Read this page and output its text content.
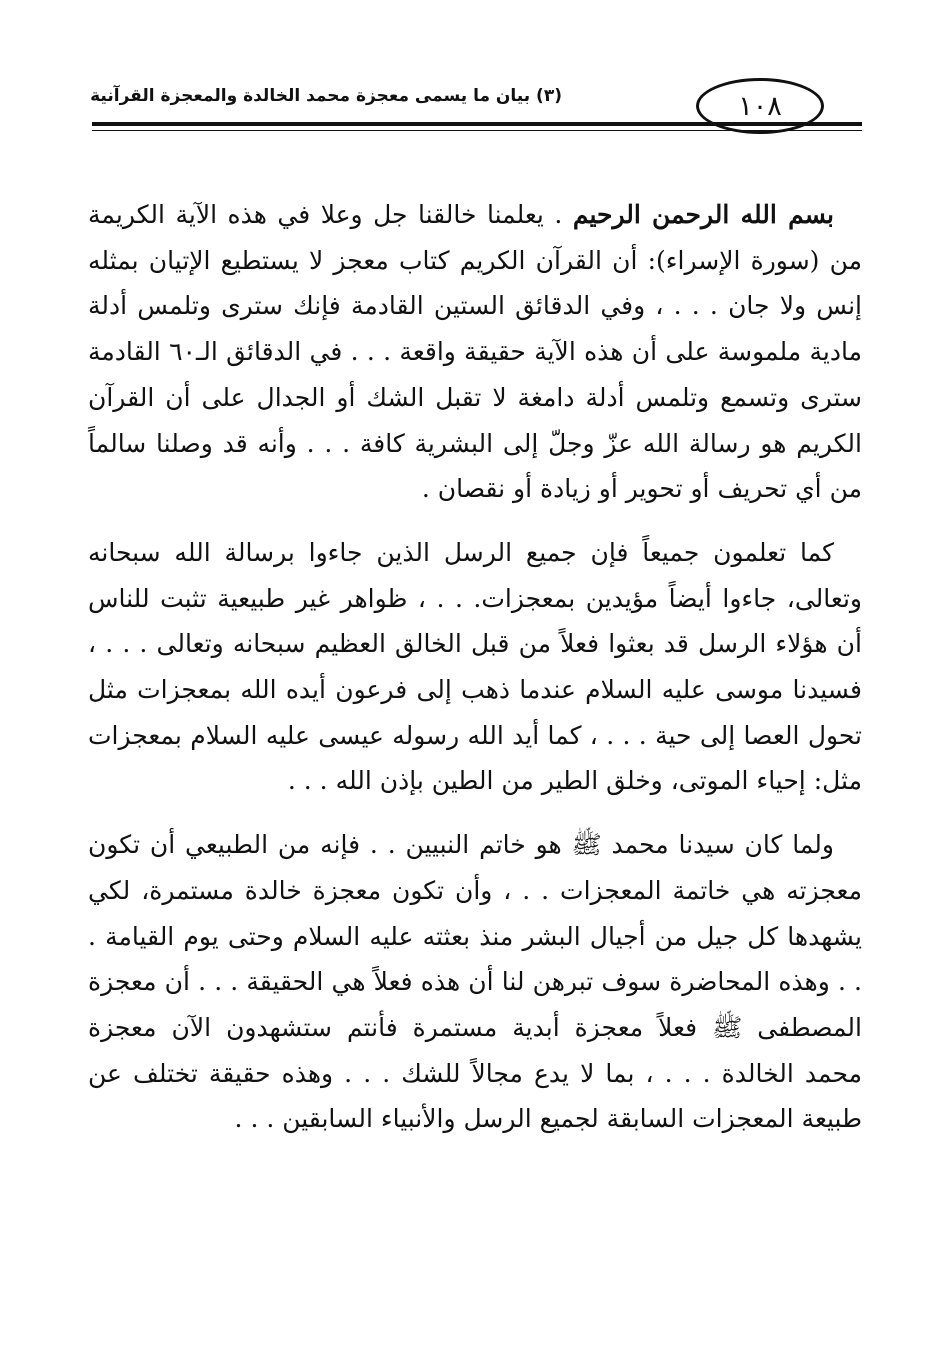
١٠٨
(٣) بيان ما يسمى معجزة محمد الخالدة والمعجزة القرآنية

بسم الله الرحمن الرحيم . يعلمنا خالقنا جل وعلا في هذه الآية الكريمة من (سورة الإسراء): أن القرآن الكريم كتاب معجز لا يستطيع الإتيان بمثله إنس ولا جان . . . ، وفي الدقائق الستين القادمة فإنك سترى وتلمس أدلة مادية ملموسة على أن هذه الآية حقيقة واقعة . . . في الدقائق الـ٦٠ القادمة سترى وتسمع وتلمس أدلة دامغة لا تقبل الشك أو الجدال على أن القرآن الكريم هو رسالة الله عزّ وجلّ إلى البشرية كافة . . . وأنه قد وصلنا سالماً من أي تحريف أو تحوير أو زيادة أو نقصان .

كما تعلمون جميعاً فإن جميع الرسل الذين جاءوا برسالة الله سبحانه وتعالى، جاءوا أيضاً مؤيدين بمعجزات. . . ، ظواهر غير طبيعية تثبت للناس أن هؤلاء الرسل قد بعثوا فعلاً من قبل الخالق العظيم سبحانه وتعالى . . . ، فسيدنا موسى عليه السلام عندما ذهب إلى فرعون أيده الله بمعجزات مثل تحول العصا إلى حية . . . ، كما أيد الله رسوله عيسى عليه السلام بمعجزات مثل: إحياء الموتى، وخلق الطير من الطين بإذن الله . . .

ولما كان سيدنا محمد ﷺ هو خاتم النبيين . . فإنه من الطبيعي أن تكون معجزته هي خاتمة المعجزات . . ، وأن تكون معجزة خالدة مستمرة، لكي يشهدها كل جيل من أجيال البشر منذ بعثته عليه السلام وحتى يوم القيامة . . . وهذه المحاضرة سوف تبرهن لنا أن هذه فعلاً هي الحقيقة . . . أن معجزة المصطفى ﷺ فعلاً معجزة أبدية مستمرة فأنتم ستشهدون الآن معجزة محمد الخالدة . . . ، بما لا يدع مجالاً للشك . . . وهذه حقيقة تختلف عن طبيعة المعجزات السابقة لجميع الرسل والأنبياء السابقين . . .
